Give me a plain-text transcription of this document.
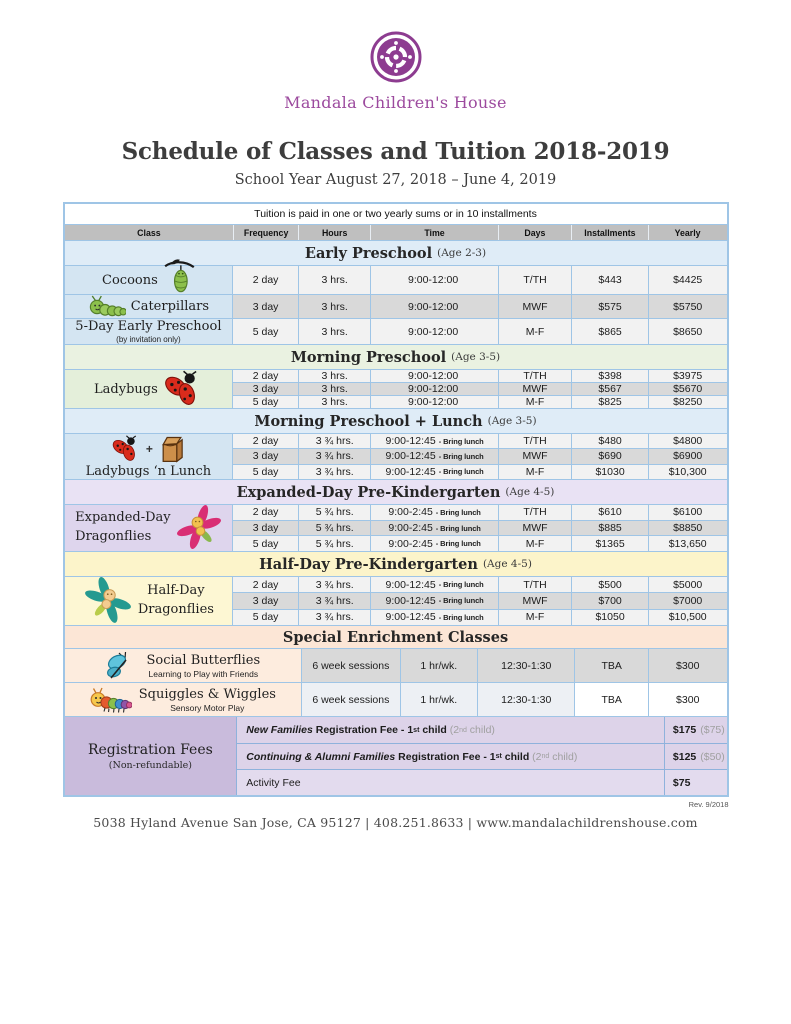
Mandala Children's House
Schedule of Classes and Tuition 2018-2019
School Year August 27, 2018 – June 4, 2019
Tuition is paid in one or two yearly sums or in 10 installments
Class	Frequency	Hours	Time	Days	Installments	Yearly
Early Preschool (Age 2-3)
Cocoons	2 day	3 hrs.	9:00-12:00	T/TH	$443	$4425
Caterpillars	3 day	3 hrs.	9:00-12:00	MWF	$575	$5750
5-Day Early Preschool
(by invitation only)
5 day	3 hrs.	9:00-12:00	M-F	$865	$8650
Morning Preschool (Age 3-5)
Ladybugs
2 day	3 hrs.	9:00-12:00	T/TH	$398	$3975
3 day	3 hrs.	9:00-12:00	MWF	$567	$5670
5 day	3 hrs.	9:00-12:00	M-F	$825	$8250
Morning Preschool + Lunch (Age 3-5)
+
Ladybugs ‘n Lunch
2 day	3 ¾ hrs.	9:00-12:45 - Bring lunch	T/TH	$480	$4800
3 day	3 ¾ hrs.	9:00-12:45 - Bring lunch	MWF	$690	$6900
5 day	3 ¾ hrs.	9:00-12:45 - Bring lunch	M-F	$1030	$10,300
Expanded-Day Pre-Kindergarten (Age 4-5)
Expanded-Day
Dragonflies
2 day	5 ¾ hrs.	9:00-2:45 - Bring lunch	T/TH	$610	$6100
3 day	5 ¾ hrs.	9:00-2:45 - Bring lunch	MWF	$885	$8850
5 day	5 ¾ hrs.	9:00-2:45 - Bring lunch	M-F	$1365	$13,650
Half-Day Pre-Kindergarten (Age 4-5)
Half-Day
Dragonflies
2 day	3 ¾ hrs.	9:00-12:45 - Bring lunch	T/TH	$500	$5000
3 day	3 ¾ hrs.	9:00-12:45 - Bring lunch	MWF	$700	$7000
5 day	3 ¾ hrs.	9:00-12:45 - Bring lunch	M-F	$1050	$10,500
Special Enrichment Classes
Social Butterflies
Learning to Play with Friends
6 week sessions	1 hr/wk.	12:30-1:30	TBA	$300
Squiggles & Wiggles
Sensory Motor Play
6 week sessions	1 hr/wk.	12:30-1:30	TBA	$300
Registration Fees
(Non-refundable)
New Families Registration Fee - 1 st child (2 nd child)	$175 ($75)
Continuing & Alumni Families Registration Fee - 1 st child (2 nd child)	$125 ($50)
Activity Fee	$75
Rev. 9/2018
5038 Hyland Avenue San Jose, CA 95127 | 408.251.8633 | www.mandalachildrenshouse.com
